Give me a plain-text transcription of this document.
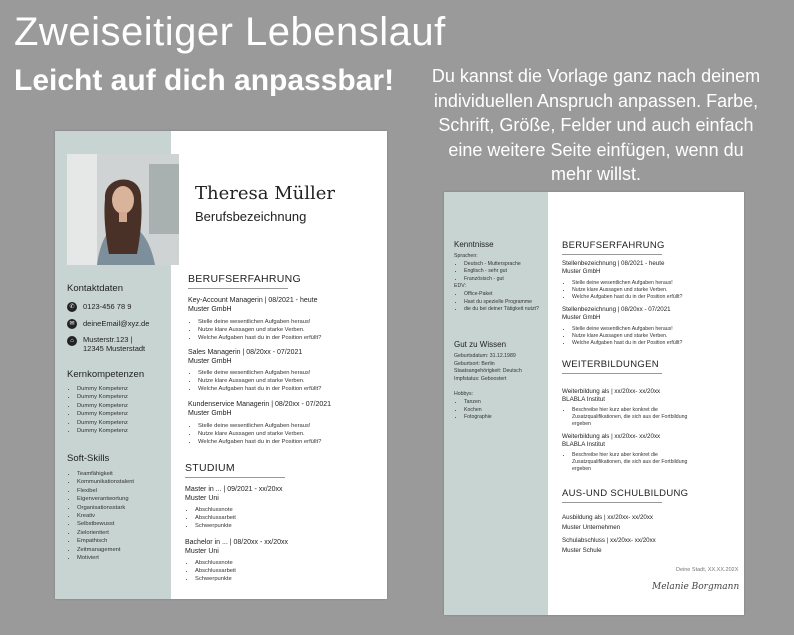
Zweiseitiger Lebenslauf
Leicht auf dich anpassbar!	Du kannst die Vorlage ganz nach deinem individuellen Anspruch anpassen. Farbe, Schrift, Größe, Felder und auch einfach eine weitere Seite einfügen, wenn du mehr willst.
Theresa Müller
Berufsbezeichnung
Kontaktdaten
✆	0123-456 78 9
✉	deineEmail@xyz.de
⌂	Musterstr.123 |
12345 Musterstadt
Kernkompetenzen
• Dummy Kompetenz
• Dummy Kompetenz
• Dummy Kompetenz
• Dummy Kompetenz
• Dummy Kompetenz
• Dummy Kompetenz
Soft-Skills
• Teamfähigkeit
• Kommunikationstalent
• Flexibel
• Eigenverantwortung
• Organisationsstark
• Kreativ
• Selbstbewusst
• Zielorientiert
• Empathisch
• Zeitmanagement
• Motiviert
BERUFSERFAHRUNG
Key-Account Managerin | 08/2021 - heute
Muster GmbH
• Stelle deine wesentlichen Aufgaben heraus!
• Nutze klare Aussagen und starke Verben.
• Welche Aufgaben hast du in der Position erfüllt?
Sales Managerin | 08/20xx - 07/2021
Muster GmbH
• Stelle deine wesentlichen Aufgaben heraus!
• Nutze klare Aussagen und starke Verben.
• Welche Aufgaben hast du in der Position erfüllt?
Kundenservice Managerin | 08/20xx - 07/2021
Muster GmbH
• Stelle deine wesentlichen Aufgaben heraus!
• Nutze klare Aussagen und starke Verben.
• Welche Aufgaben hast du in der Position erfüllt?
STUDIUM
Master in ... | 09/2021 - xx/20xx
Muster Uni
• Abschlussnote
• Abschlussarbeit
• Schwerpunkte
Bachelor in ... | 08/20xx - xx/20xx
Muster Uni
• Abschlussnote
• Abschlussarbeit
• Schwerpunkte
Kenntnisse
Sprachen:
• Deutsch - Muttersprache
• Englisch - sehr gut
• Französisch - gut
EDV:
• Office-Paket
• Hast du spezielle Programme
• die du bei deiner Tätigkeit nutzt?
Gut zu Wissen
Geburtsdatum: 31.12.1989
Geburtsort: Berlin
Staatsangehörigkeit: Deutsch
Impfstatus: Geboostert
Hobbys:
• Tanzen
• Kochen
• Fotographie
BERUFSERFAHRUNG
Stellenbezeichnung | 08/2021 - heute
Muster GmbH
• Stelle deine wesentlichen Aufgaben heraus!
• Nutze klare Aussagen und starke Verben.
• Welche Aufgaben hast du in der Position erfüllt?
Stellenbezeichnung | 08/20xx - 07/2021
Muster GmbH
• Stelle deine wesentlichen Aufgaben heraus!
• Nutze klare Aussagen und starke Verben.
• Welche Aufgaben hast du in der Position erfüllt?
WEITERBILDUNGEN
Weiterbildung als | xx/20xx- xx/20xx
BLABLA Institut
• Beschreibe hier kurz aber konkret die Zusatzqualifikationen, die sich aus der Fortbildung ergeben
Weiterbildung als | xx/20xx- xx/20xx
BLABLA Institut
• Beschreibe hier kurz aber konkret die Zusatzqualifikationen, die sich aus der Fortbildung ergeben
AUS-UND SCHULBILDUNG
Ausbildung als | xx/20xx- xx/20xx
Muster Unternehmen
Schulabschluss | xx/20xx- xx/20xx
Muster Schule
Deine Stadt, XX.XX.202X
Melanie Borgmann
